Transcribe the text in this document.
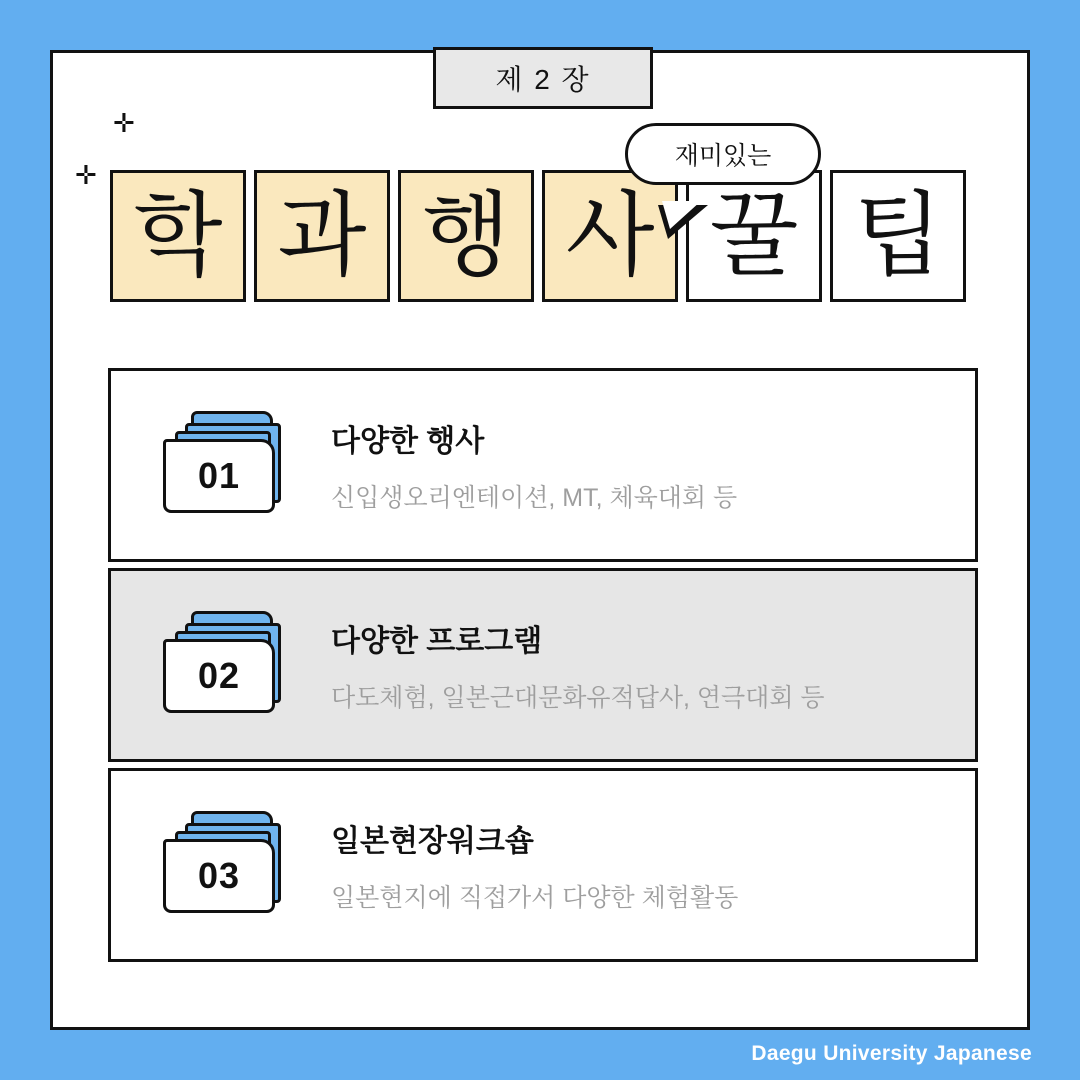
제 2 장
✛
✛
학 과 행 사 꿀 팁
재미있는
01
다양한 행사
신입생오리엔테이션, MT, 체육대회 등
02
다양한 프로그램
다도체험, 일본근대문화유적답사, 연극대회 등
03
일본현장워크숍
일본현지에 직접가서 다양한 체험활동
Daegu University Japanese
